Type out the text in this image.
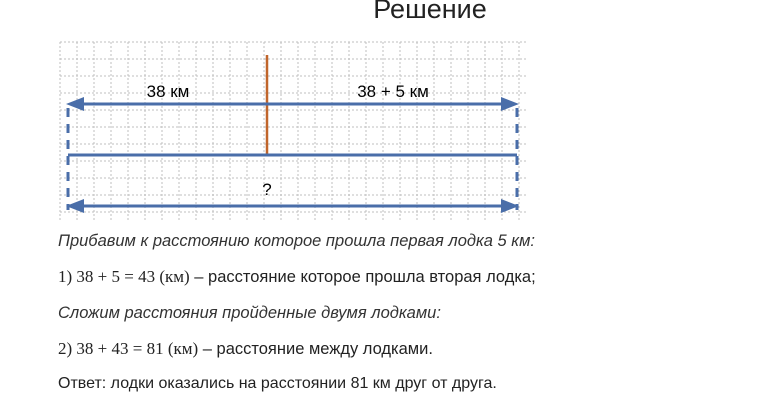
Решение
38 км	38 + 5 км
?
Прибавим к расстоянию которое прошла первая лодка 5 км:
1) 38 + 5 = 43 (км) – расстояние которое прошла вторая лодка;
Сложим расстояния пройденные двумя лодками:
2) 38 + 43 = 81 (км) – расстояние между лодками.
Ответ: лодки оказались на расстоянии 81 км друг от друга.
